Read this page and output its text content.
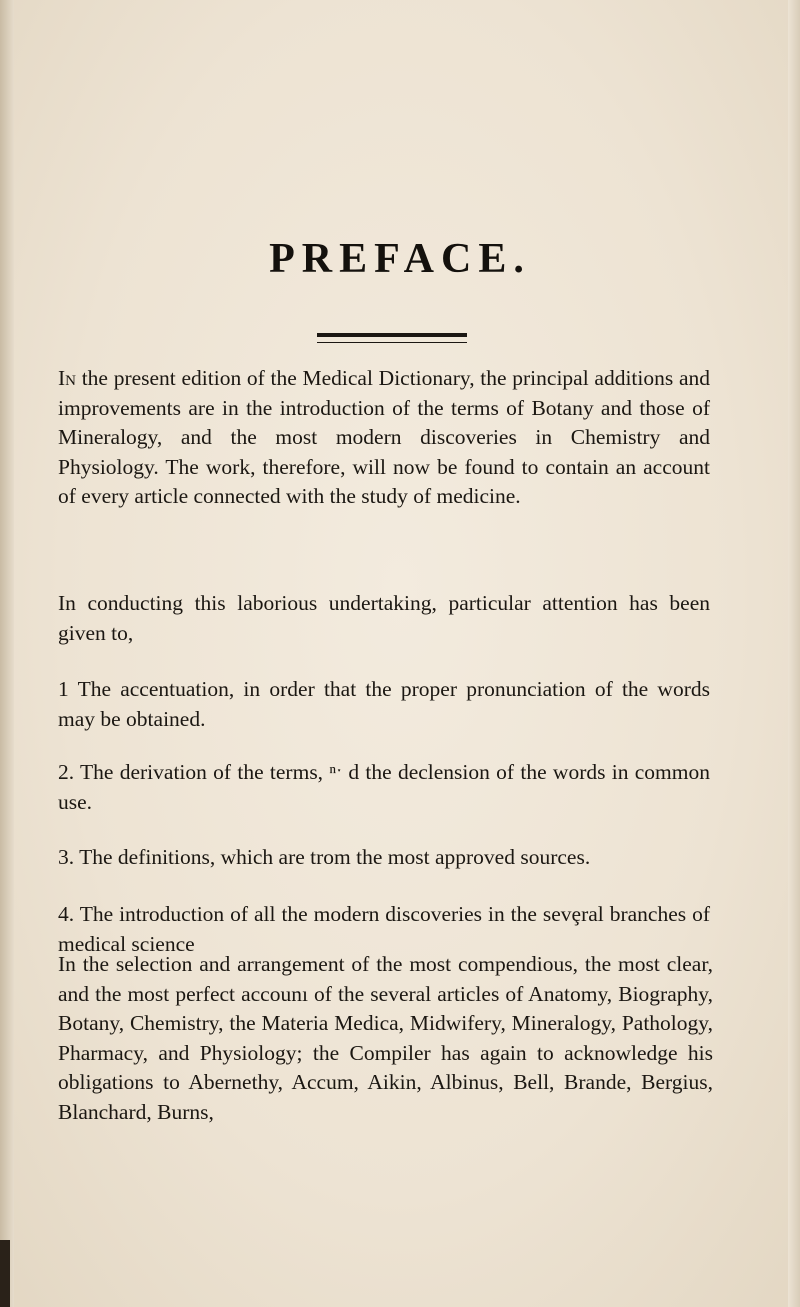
PREFACE.
In the present edition of the Medical Dictionary, the principal additions and improvements are in the introduction of the terms of Botany and those of Mineralogy, and the most modern discoveries in Chemistry and Physiology. The work, therefore, will now be found to contain an account of every article connected with the study of medicine.
In conducting this laborious undertaking, particular attention has been given to,
1 The accentuation, in order that the proper pronunciation of the words may be obtained.
2. The derivation of the terms, ⁿˑ d the declension of the words in common use.
3. The definitions, which are trom the most approved sources.
4. The introduction of all the modern discoveries in the sevȩral branches of medical science
In the selection and arrangement of the most compendious, the most clear, and the most perfect accounı of the several articles of Anatomy, Biography, Botany, Chemistry, the Materia Medica, Midwifery, Mineralogy, Pathology, Pharmacy, and Physiology; the Compiler has again to acknowledge his obligations to Abernethy, Accum, Aikin, Albinus, Bell, Brande, Bergius, Blanchard, Burns,
